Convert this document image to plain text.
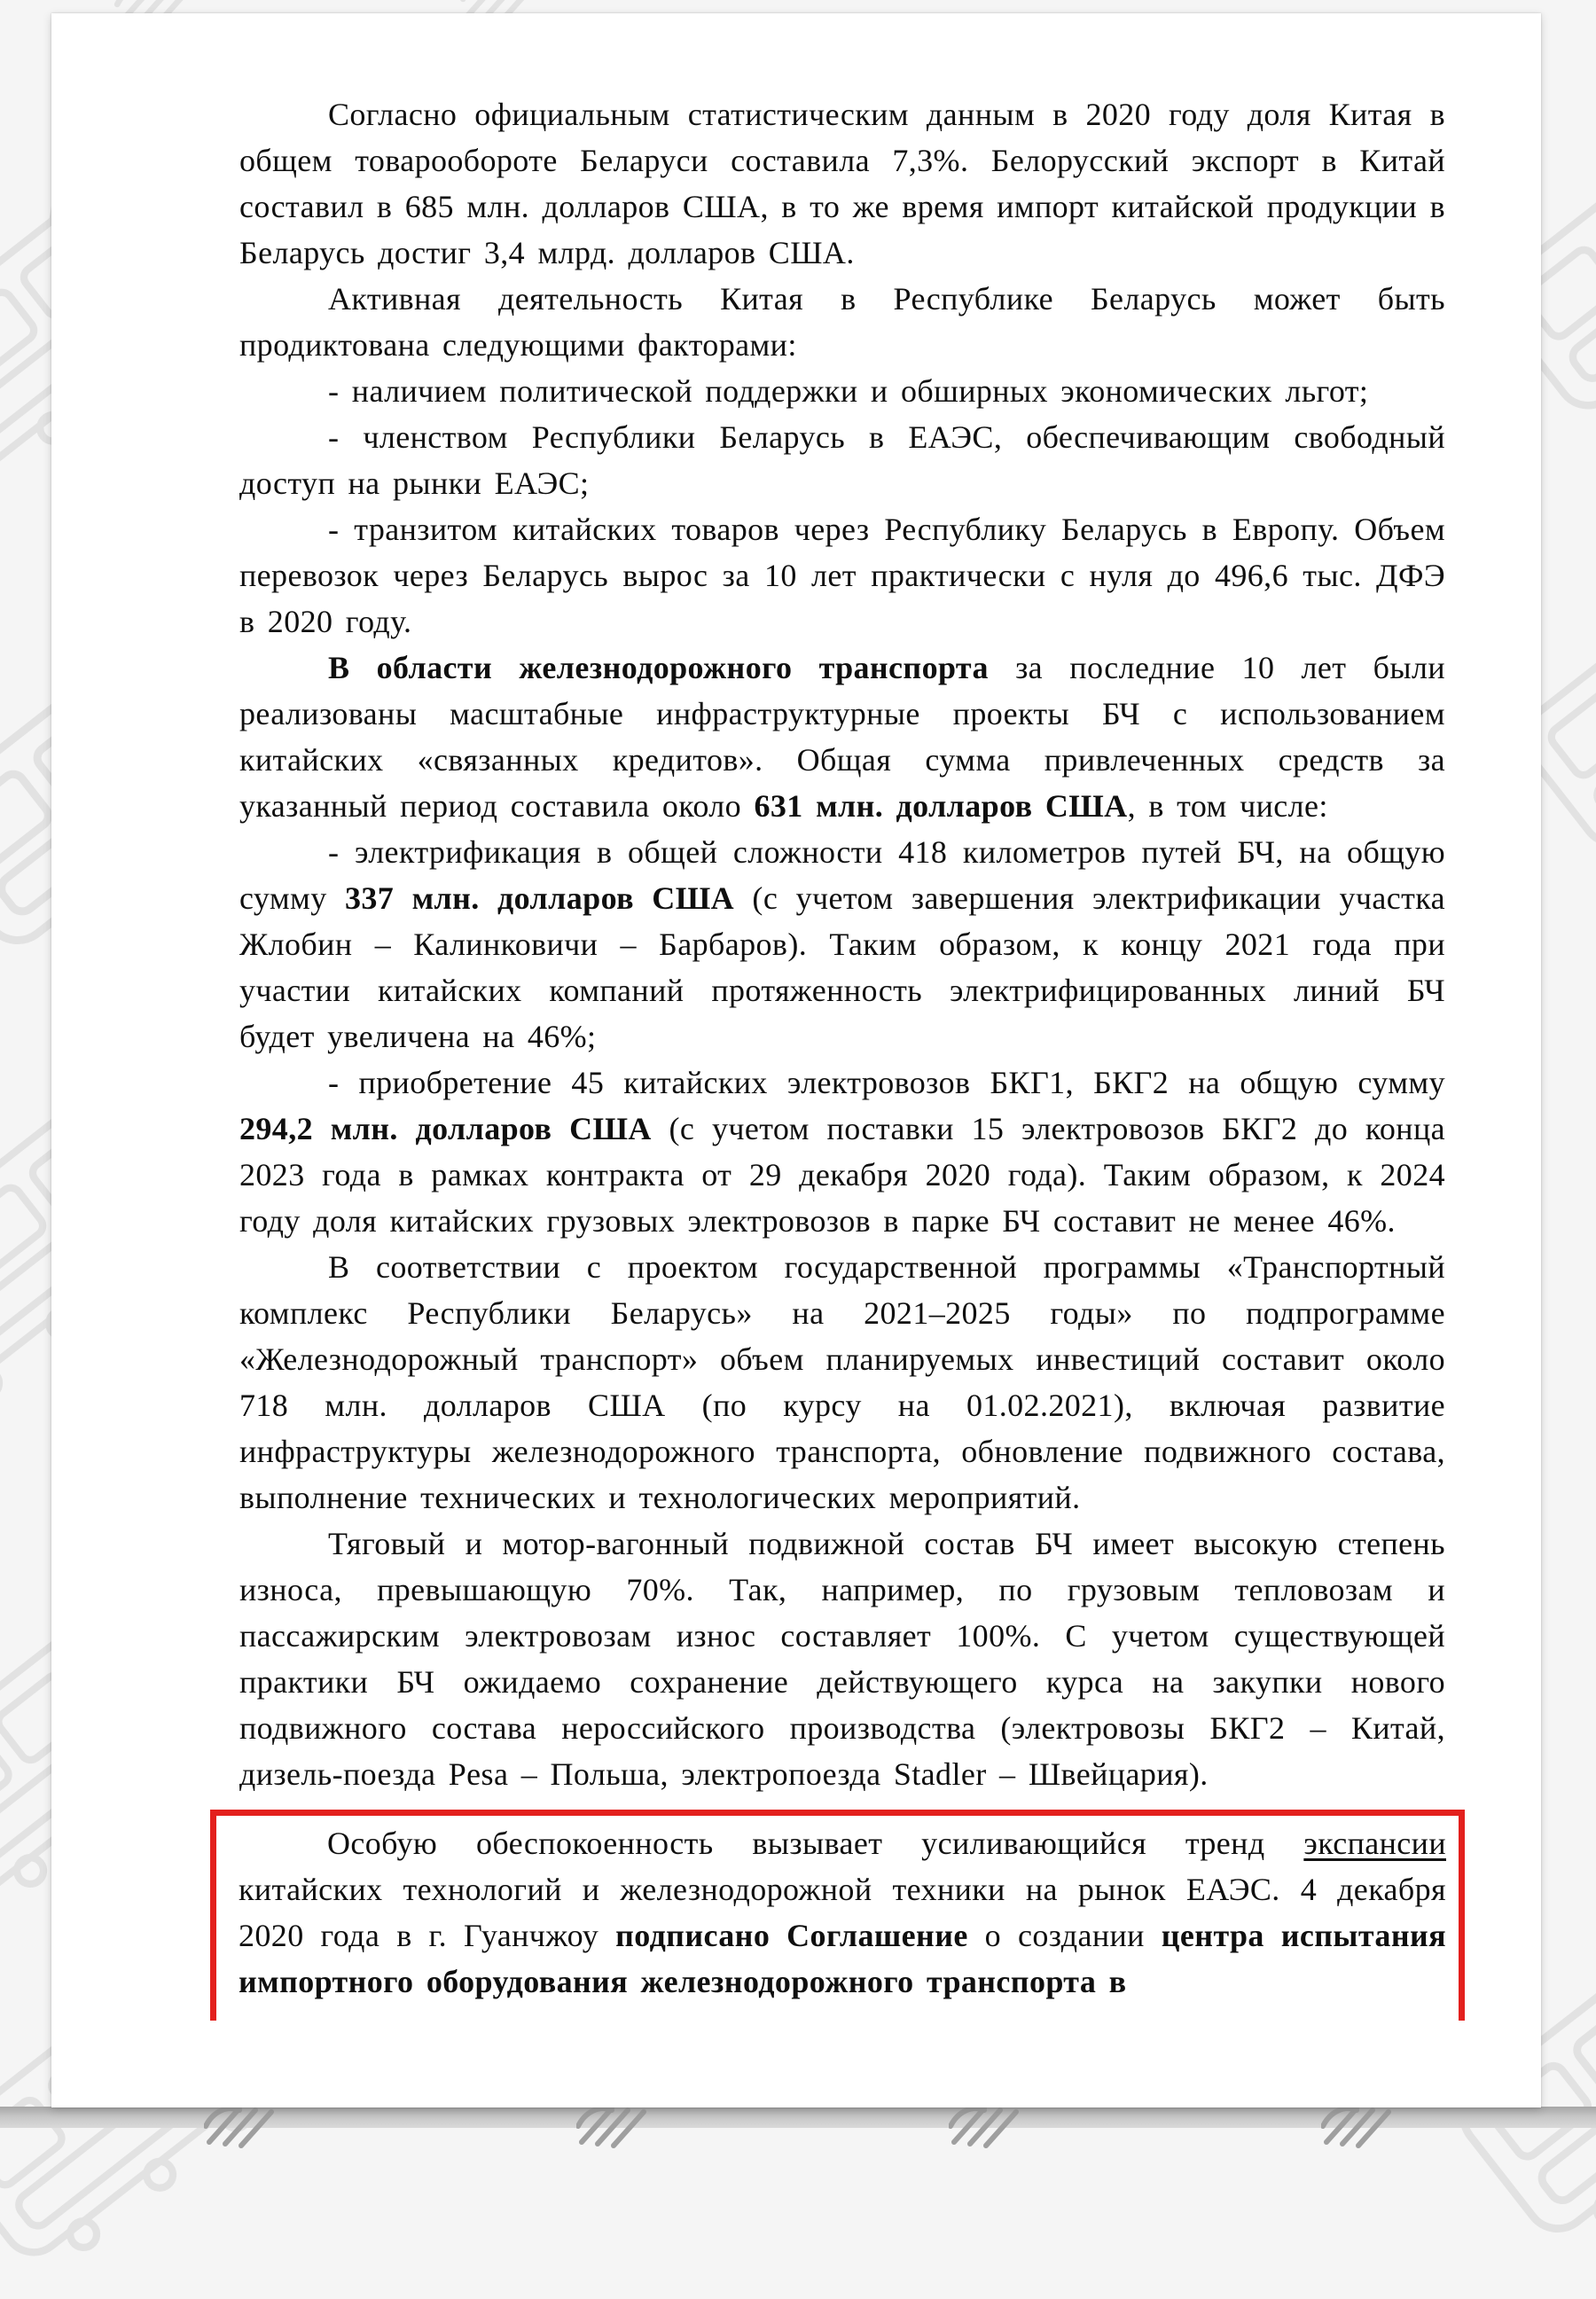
Согласно официальным статистическим данным в 2020 году доля Китая в общем товарообороте Беларуси составила 7,3%. Белорусский экспорт в Китай составил в 685 млн. долларов США, в то же время импорт китайской продукции в Беларусь достиг 3,4 млрд. долларов США.

Активная деятельность Китая в Республике Беларусь может быть продиктована следующими факторами:

- наличием политической поддержки и обширных экономических льгот;

- членством Республики Беларусь в ЕАЭС, обеспечивающим свободный доступ на рынки ЕАЭС;

- транзитом китайских товаров через Республику Беларусь в Европу. Объем перевозок через Беларусь вырос за 10 лет практически с нуля до 496,6 тыс. ДФЭ в 2020 году.

В области железнодорожного транспорта за последние 10 лет были реализованы масштабные инфраструктурные проекты БЧ с использованием китайских «связанных кредитов». Общая сумма привлеченных средств за указанный период составила около 631 млн. долларов США, в том числе:

- электрификация в общей сложности 418 километров путей БЧ, на общую сумму 337 млн. долларов США (с учетом завершения электрификации участка Жлобин – Калинковичи – Барбаров). Таким образом, к концу 2021 года при участии китайских компаний протяженность электрифицированных линий БЧ будет увеличена на 46%;

- приобретение 45 китайских электровозов БКГ1, БКГ2 на общую сумму 294,2 млн. долларов США (с учетом поставки 15 электровозов БКГ2 до конца 2023 года в рамках контракта от 29 декабря 2020 года). Таким образом, к 2024 году доля китайских грузовых электровозов в парке БЧ составит не менее 46%.

В соответствии с проектом государственной программы «Транспортный комплекс Республики Беларусь» на 2021–2025 годы» по подпрограмме «Железнодорожный транспорт» объем планируемых инвестиций составит около 718 млн. долларов США (по курсу на 01.02.2021), включая развитие инфраструктуры железнодорожного транспорта, обновление подвижного состава, выполнение технических и технологических мероприятий.

Тяговый и мотор-вагонный подвижной состав БЧ имеет высокую степень износа, превышающую 70%. Так, например, по грузовым тепловозам и пассажирским электровозам износ составляет 100%. С учетом существующей практики БЧ ожидаемо сохранение действующего курса на закупки нового подвижного состава нероссийского производства (электровозы БКГ2 – Китай, дизель-поезда Pesa – Польша, электропоезда Stadler – Швейцария).

Особую обеспокоенность вызывает усиливающийся тренд экспансии китайских технологий и железнодорожной техники на рынок ЕАЭС. 4 декабря 2020 года в г. Гуанчжоу подписано Соглашение о создании центра испытания импортного оборудования железнодорожного транспорта в
